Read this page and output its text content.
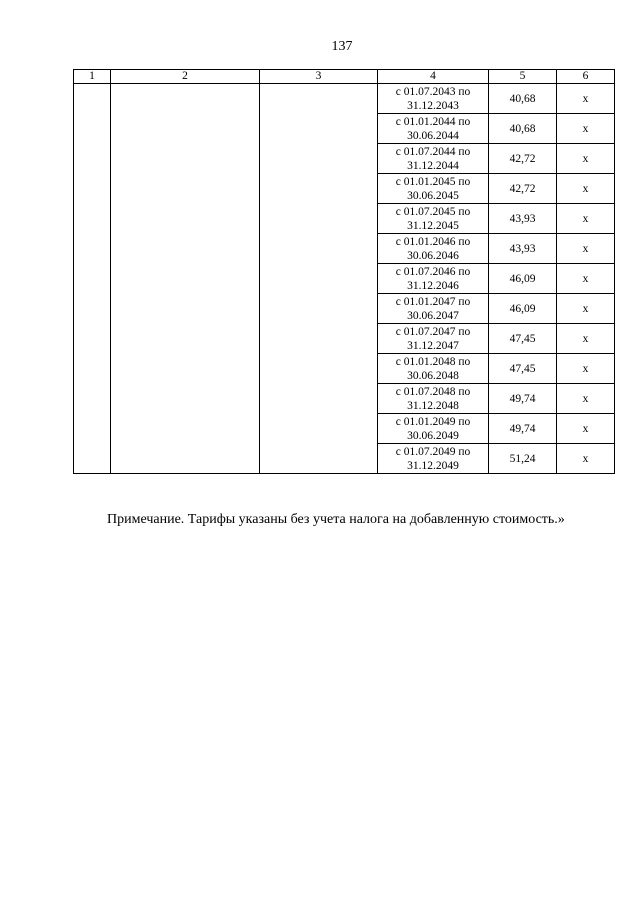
137
1	2	3	4	5	6

			с 01.07.2043 по
31.12.2043	40,68	х

			с 01.01.2044 по
30.06.2044	40,68	х

			с 01.07.2044 по
31.12.2044	42,72	х

			с 01.01.2045 по
30.06.2045	42,72	х

			с 01.07.2045 по
31.12.2045	43,93	х

			с 01.01.2046 по
30.06.2046	43,93	х

			с 01.07.2046 по
31.12.2046	46,09	х

			с 01.01.2047 по
30.06.2047	46,09	х

			с 01.07.2047 по
31.12.2047	47,45	х

			с 01.01.2048 по
30.06.2048	47,45	х

			с 01.07.2048 по
31.12.2048	49,74	х

			с 01.01.2049 по
30.06.2049	49,74	х

			с 01.07.2049 по
31.12.2049	51,24	х
Примечание. Тарифы указаны без учета налога на добавленную стоимость.»
